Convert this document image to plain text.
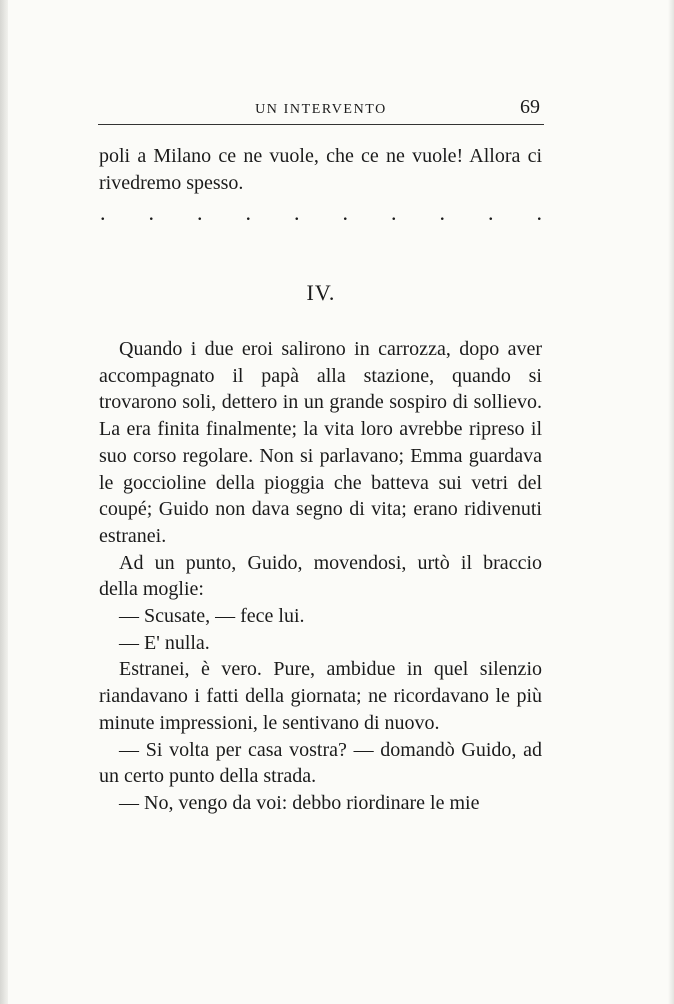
UN INTERVENTO	69

poli a Milano ce ne vuole, che ce ne vuole! Allora ci rivedremo spesso.

. . . . . . . . . .
IV.

Quando i due eroi salirono in carrozza, dopo aver accompagnato il papà alla stazione, quando si trovarono soli, dettero in un grande sospiro di sollievo. La era finita finalmente; la vita loro avrebbe ripreso il suo corso regolare. Non si parlavano; Emma guardava le goccioline della pioggia che batteva sui vetri del coupé; Guido non dava segno di vita; erano ridivenuti estranei.

Ad un punto, Guido, movendosi, urtò il braccio della moglie:

— Scusate, — fece lui.

— E' nulla.

Estranei, è vero. Pure, ambidue in quel silenzio riandavano i fatti della giornata; ne ricordavano le più minute impressioni, le sentivano di nuovo.

— Si volta per casa vostra? — domandò Guido, ad un certo punto della strada.

— No, vengo da voi: debbo riordinare le mie
